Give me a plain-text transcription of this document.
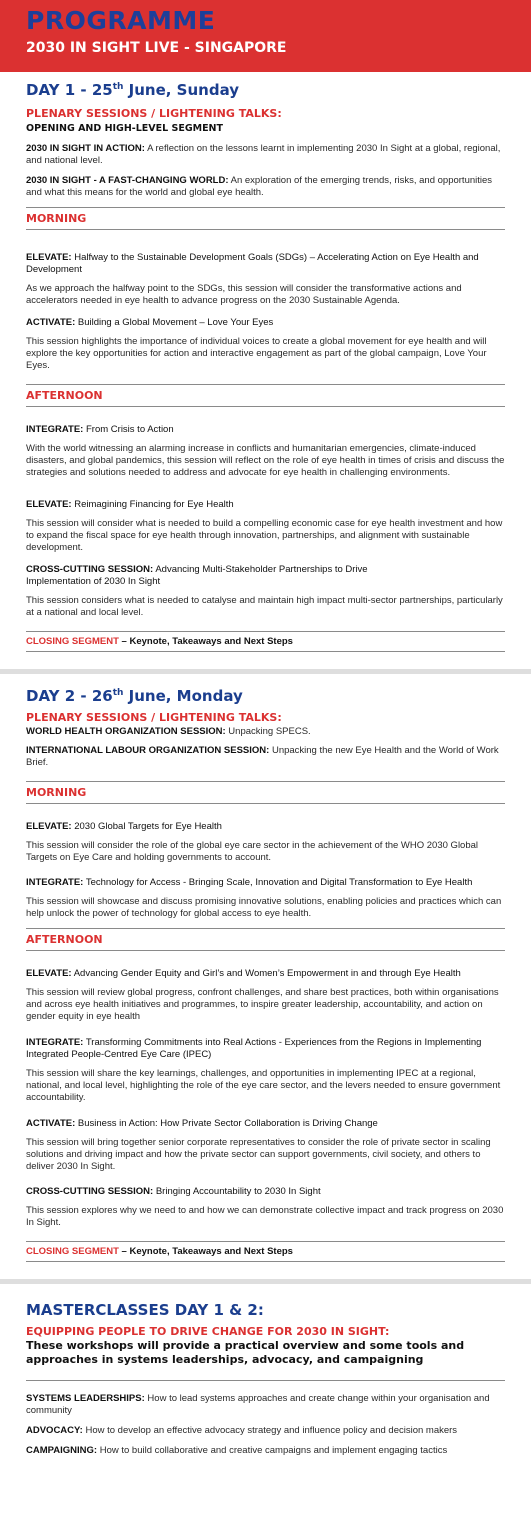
PROGRAMME
2030 IN SIGHT LIVE - SINGAPORE
DAY 1 - 25th June, Sunday
PLENARY SESSIONS / LIGHTENING TALKS:
OPENING AND HIGH-LEVEL SEGMENT
2030 IN SIGHT IN ACTION: A reflection on the lessons learnt in implementing 2030 In Sight at a global, regional, and national level.
2030 IN SIGHT - A FAST-CHANGING WORLD: An exploration of the emerging trends, risks, and opportunities and what this means for the world and global eye health.
MORNING
ELEVATE: Halfway to the Sustainable Development Goals (SDGs) – Accelerating Action on Eye Health and Development
As we approach the halfway point to the SDGs, this session will consider the transformative actions and accelerators needed in eye health to advance progress on the 2030 Sustainable Agenda.
ACTIVATE: Building a Global Movement – Love Your Eyes
This session highlights the importance of individual voices to create a global movement for eye health and will explore the key opportunities for action and interactive engagement as part of the global campaign, Love Your Eyes.
AFTERNOON
INTEGRATE: From Crisis to Action
With the world witnessing an alarming increase in conflicts and humanitarian emergencies, climate-induced disasters, and global pandemics, this session will reflect on the role of eye health in times of crisis and discuss the strategies and solutions needed to address and advocate for eye health in challenging environments.
ELEVATE: Reimagining Financing for Eye Health
This session will consider what is needed to build a compelling economic case for eye health investment and how to expand the fiscal space for eye health through innovation, partnerships, and alignment with sustainable development.
CROSS-CUTTING SESSION: Advancing Multi-Stakeholder Partnerships to Drive Implementation of 2030 In Sight
This session considers what is needed to catalyse and maintain high impact multi-sector partnerships, particularly at a national and local level.
CLOSING SEGMENT – Keynote, Takeaways and Next Steps
DAY 2 - 26th June, Monday
PLENARY SESSIONS / LIGHTENING TALKS:
WORLD HEALTH ORGANIZATION SESSION: Unpacking SPECS.
INTERNATIONAL LABOUR ORGANIZATION SESSION: Unpacking the new Eye Health and the World of Work Brief.
MORNING
ELEVATE: 2030 Global Targets for Eye Health
This session will consider the role of the global eye care sector in the achievement of the WHO 2030 Global Targets on Eye Care and holding governments to account.
INTEGRATE: Technology for Access - Bringing Scale, Innovation and Digital Transformation to Eye Health
This session will showcase and discuss promising innovative solutions, enabling policies and practices which can help unlock the power of technology for global access to eye health.
AFTERNOON
ELEVATE: Advancing Gender Equity and Girl’s and Women’s Empowerment in and through Eye Health
This session will review global progress, confront challenges, and share best practices, both within organisations and across eye health initiatives and programmes, to inspire greater leadership, accountability, and action on gender equity in eye health
INTEGRATE: Transforming Commitments into Real Actions - Experiences from the Regions in Implementing Integrated People-Centred Eye Care (IPEC)
This session will share the key learnings, challenges, and opportunities in implementing IPEC at a regional, national, and local level, highlighting the role of the eye care sector, and the levers needed to ensure government accountability.
ACTIVATE: Business in Action: How Private Sector Collaboration is Driving Change
This session will bring together senior corporate representatives to consider the role of private sector in scaling solutions and driving impact and how the private sector can support governments, civil society, and others to deliver 2030 In Sight.
CROSS-CUTTING SESSION: Bringing Accountability to 2030 In Sight
This session explores why we need to and how we can demonstrate collective impact and track progress on 2030 In Sight.
CLOSING SEGMENT – Keynote, Takeaways and Next Steps
MASTERCLASSES DAY 1 & 2:
EQUIPPING PEOPLE TO DRIVE CHANGE FOR 2030 IN SIGHT:
These workshops will provide a practical overview and some tools and approaches in systems leaderships, advocacy, and campaigning
SYSTEMS LEADERSHIPS: How to lead systems approaches and create change within your organisation and community
ADVOCACY: How to develop an effective advocacy strategy and influence policy and decision makers
CAMPAIGNING: How to build collaborative and creative campaigns and implement engaging tactics
